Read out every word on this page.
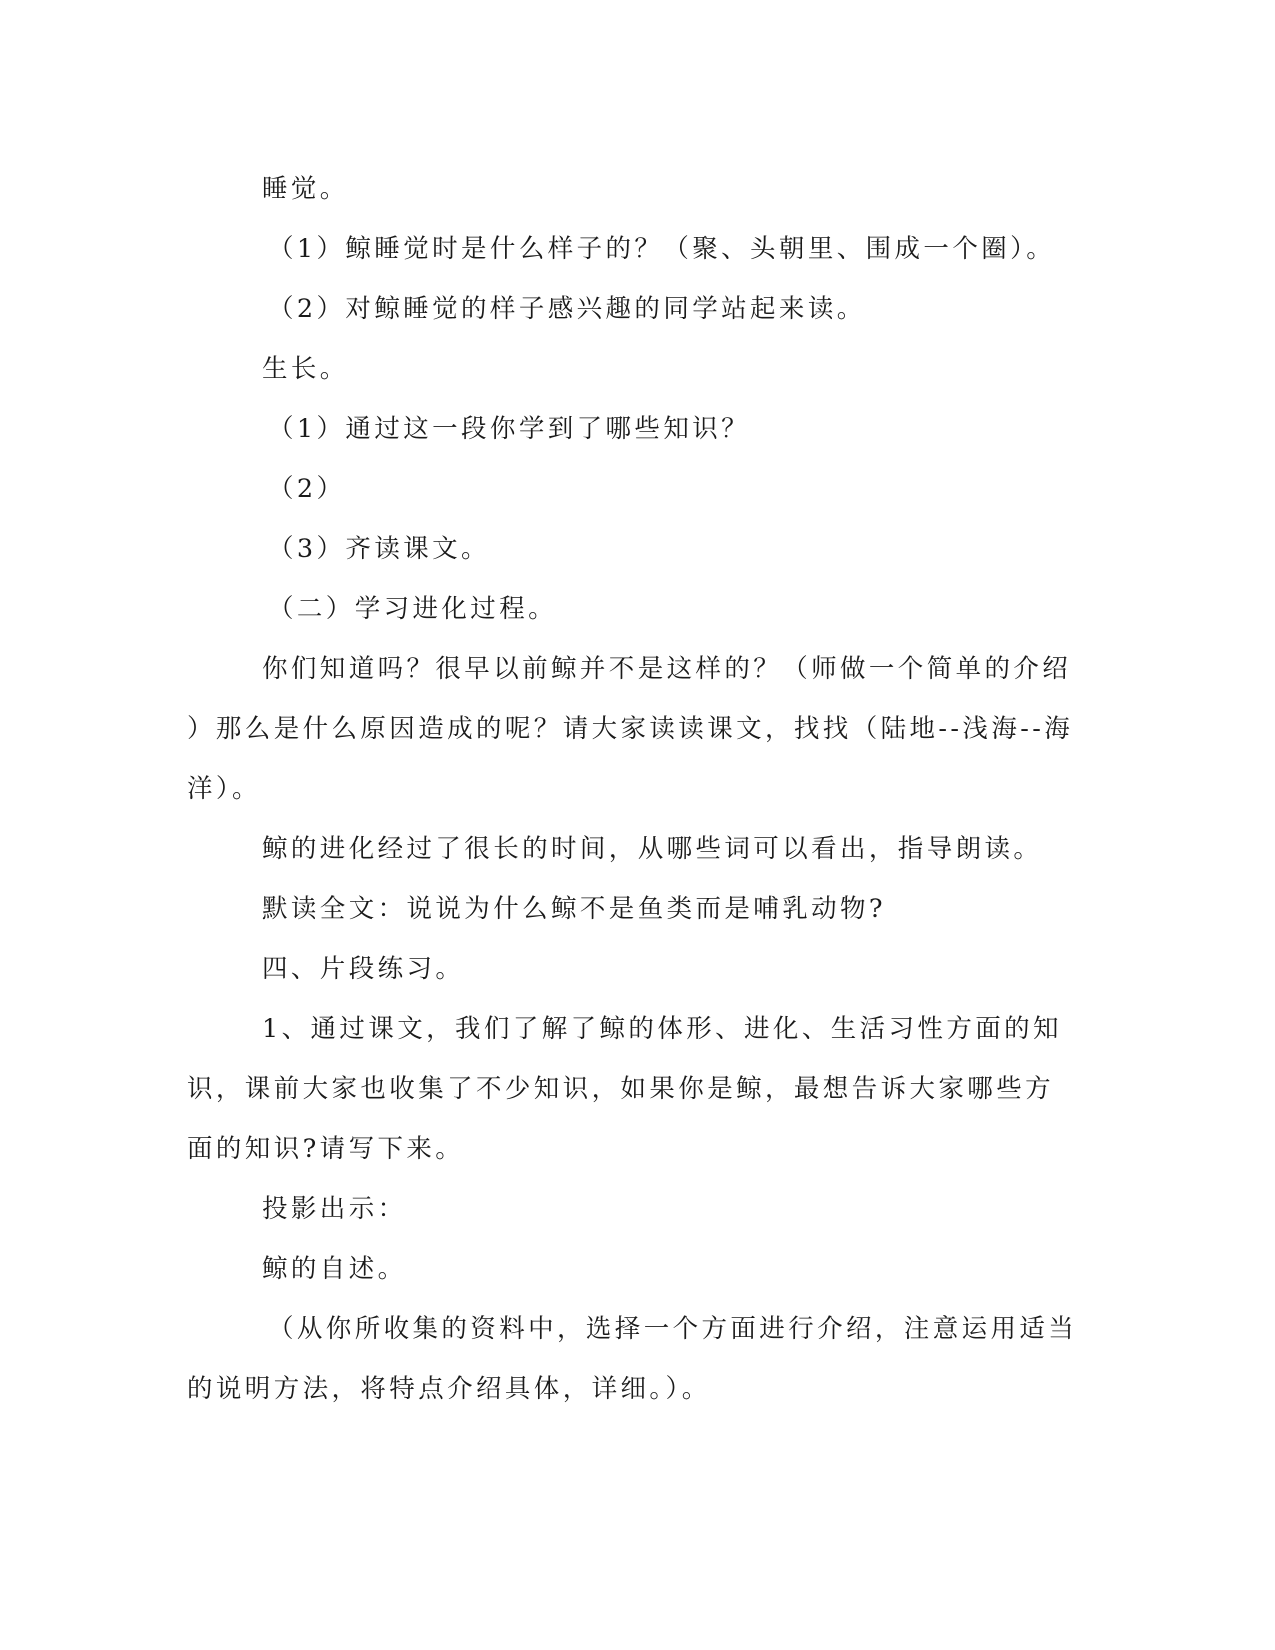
睡觉。
（1）鲸睡觉时是什么样子的？（聚、头朝里、围成一个圈）。
（2）对鲸睡觉的样子感兴趣的同学站起来读。
生长。
（1）通过这一段你学到了哪些知识？
（2）
（3）齐读课文。
（二）学习进化过程。
你们知道吗？很早以前鲸并不是这样的？（师做一个简单的介绍
）那么是什么原因造成的呢？请大家读读课文，找找（陆地--浅海--海
洋）。
鲸的进化经过了很长的时间，从哪些词可以看出，指导朗读。
默读全文：说说为什么鲸不是鱼类而是哺乳动物?
四、片段练习。
1、通过课文，我们了解了鲸的体形、进化、生活习性方面的知
识，课前大家也收集了不少知识，如果你是鲸，最想告诉大家哪些方
面的知识?请写下来。
投影出示：
鲸的自述。
（从你所收集的资料中，选择一个方面进行介绍，注意运用适当
的说明方法，将特点介绍具体，详细。）。
